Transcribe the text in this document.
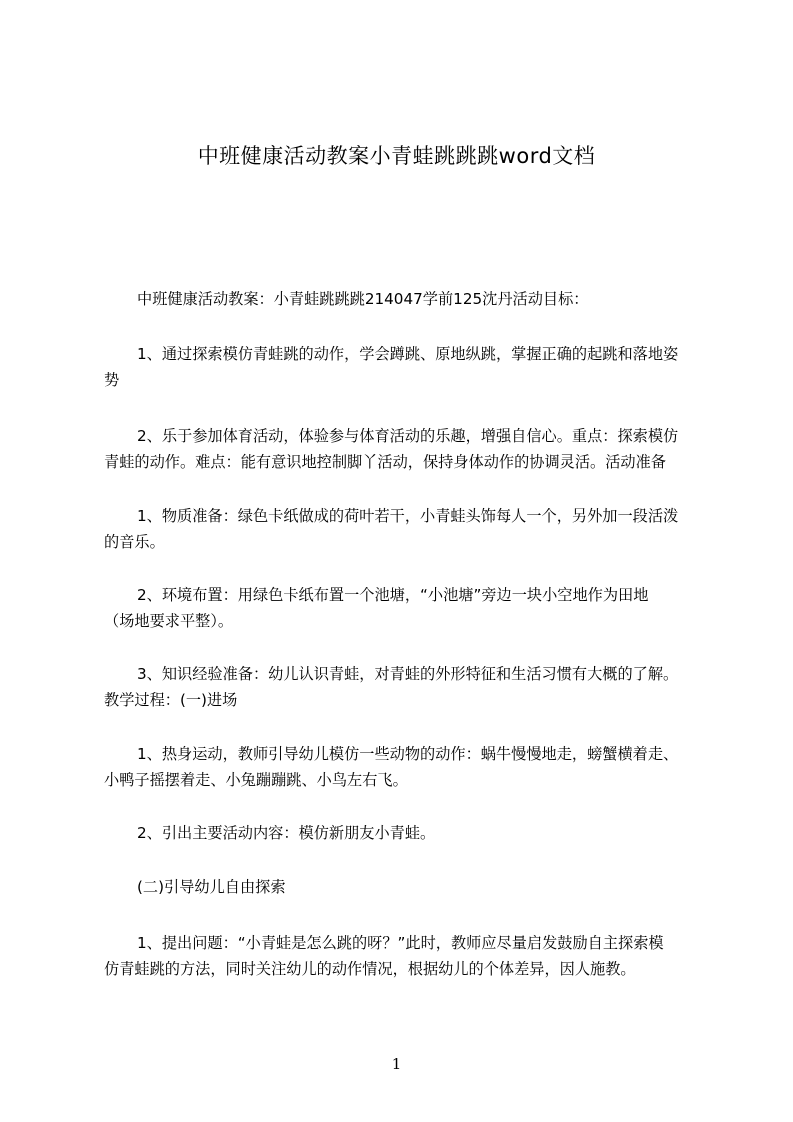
中班健康活动教案小青蛙跳跳跳word文档
中班健康活动教案：小青蛙跳跳跳214047学前125沈丹活动目标：
1、通过探索模仿青蛙跳的动作，学会蹲跳、原地纵跳，掌握正确的起跳和落地姿
势
2、乐于参加体育活动，体验参与体育活动的乐趣，增强自信心。重点：探索模仿
青蛙的动作。难点：能有意识地控制脚丫活动，保持身体动作的协调灵活。活动准备
1、物质准备：绿色卡纸做成的荷叶若干，小青蛙头饰每人一个，另外加一段活泼
的音乐。
2、环境布置：用绿色卡纸布置一个池塘，“小池塘”旁边一块小空地作为田地
（场地要求平整）。
3、知识经验准备：幼儿认识青蛙，对青蛙的外形特征和生活习惯有大概的了解。
教学过程：(一)进场
1、热身运动，教师引导幼儿模仿一些动物的动作：蜗牛慢慢地走，螃蟹横着走、
小鸭子摇摆着走、小兔蹦蹦跳、小鸟左右飞。
2、引出主要活动内容：模仿新朋友小青蛙。
(二)引导幼儿自由探索
1、提出问题：“小青蛙是怎么跳的呀？”此时，教师应尽量启发鼓励自主探索模
仿青蛙跳的方法，同时关注幼儿的动作情况，根据幼儿的个体差异，因人施教。
1
